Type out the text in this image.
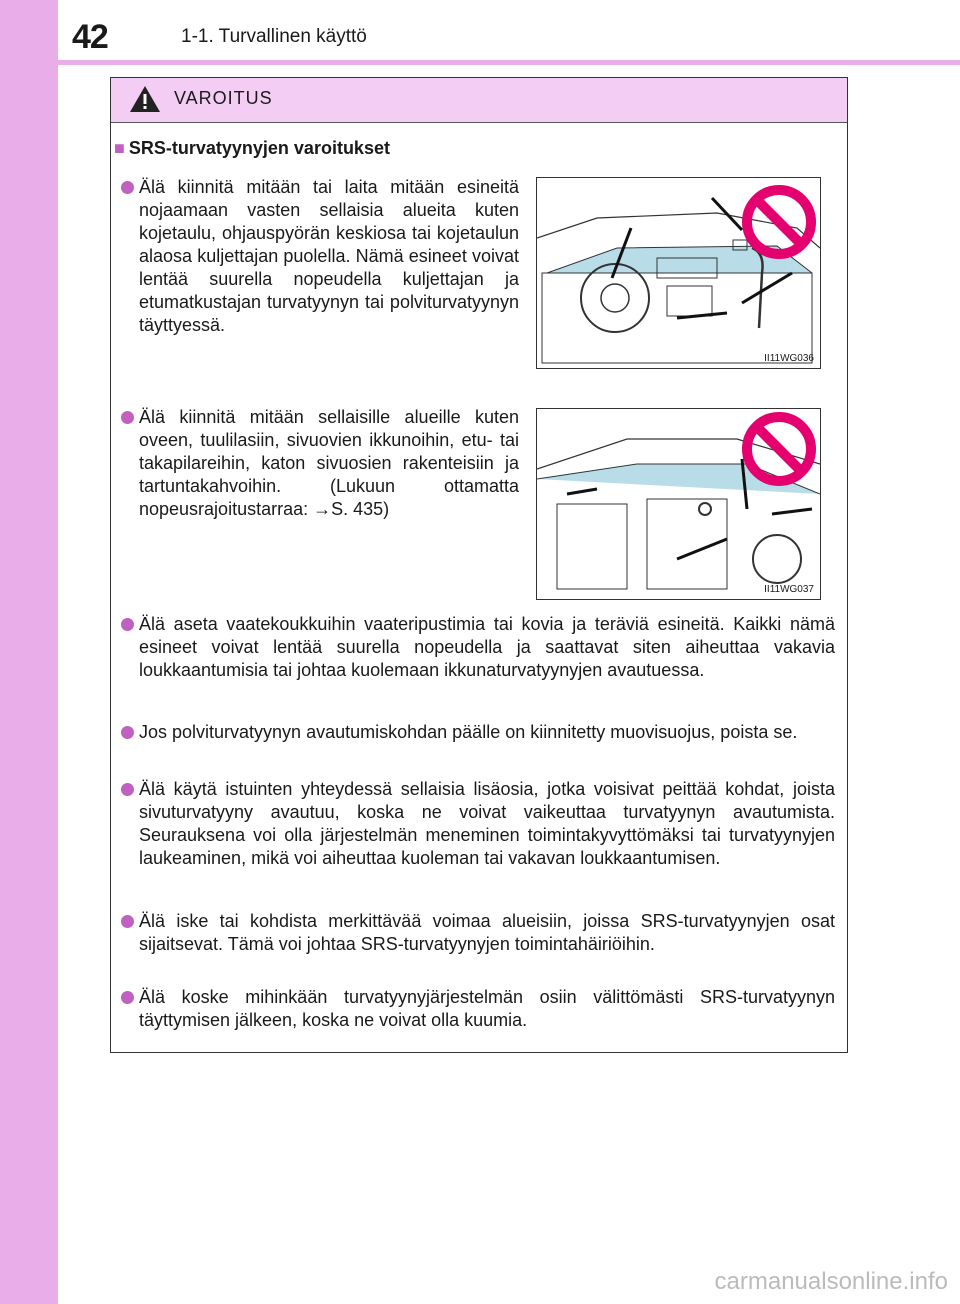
42	1-1. Turvallinen käyttö
VAROITUS
■ SRS-turvatyynyjen varoitukset
Älä kiinnitä mitään tai laita mitään esineitä nojaamaan vasten sellaisia alueita kuten kojetaulu, ohjauspyörän keskiosa tai kojetaulun alaosa kuljettajan puolella. Nämä esineet voivat lentää suurella nopeudella kuljettajan ja etumatkustajan turvatyynyn tai polviturvatyynyn täyttyessä.
II11WG036
Älä kiinnitä mitään sellaisille alueille kuten oveen, tuulilasiin, sivuovien ikkunoihin, etu- tai takapilareihin, katon sivuosien rakenteisiin ja tartuntakahvoihin. (Lukuun ottamatta nopeusrajoitustarraa: →S. 435)
II11WG037
Älä aseta vaatekoukkuihin vaateripustimia tai kovia ja teräviä esineitä. Kaikki nämä esineet voivat lentää suurella nopeudella ja saattavat siten aiheuttaa vakavia loukkaantumisia tai johtaa kuolemaan ikkunaturvatyynyjen avautuessa.
Jos polviturvatyynyn avautumiskohdan päälle on kiinnitetty muovisuojus, poista se.
Älä käytä istuinten yhteydessä sellaisia lisäosia, jotka voisivat peittää kohdat, joista sivuturvatyyny avautuu, koska ne voivat vaikeuttaa turvatyynyn avautumista. Seurauksena voi olla järjestelmän meneminen toimintakyvyttömäksi tai turvatyynyjen laukeaminen, mikä voi aiheuttaa kuoleman tai vakavan loukkaantumisen.
Älä iske tai kohdista merkittävää voimaa alueisiin, joissa SRS-turvatyynyjen osat sijaitsevat. Tämä voi johtaa SRS-turvatyynyjen toimintahäiriöihin.
Älä koske mihinkään turvatyynyjärjestelmän osiin välittömästi SRS-turvatyynyn täyttymisen jälkeen, koska ne voivat olla kuumia.
carmanualsonline.info
